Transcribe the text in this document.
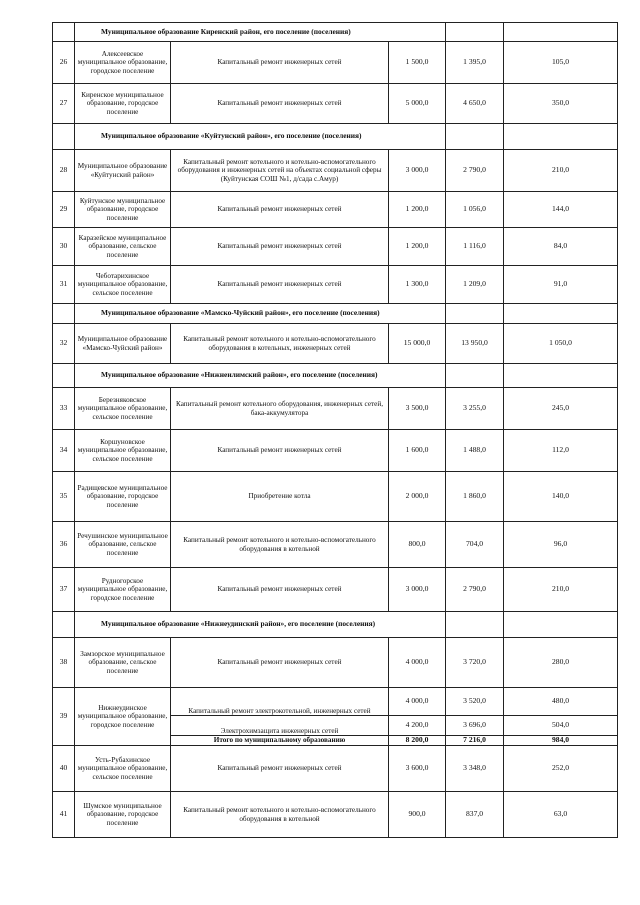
	Муниципальное образование Киренский район, его поселение (поселения)				
26	Алексеевское муниципальное образование, городское поселение	Капитальный ремонт инженерных сетей	1 500,0	1 395,0	105,0
27	Киренское муниципальное образование, городское поселение	Капитальный ремонт инженерных сетей	5 000,0	4 650,0	350,0
	Муниципальное образование «Куйтунский район», его поселение (поселения)				
28	Муниципальное образование «Куйтунский район»	Капитальный ремонт котельного и котельно-вспомогательного оборудования и инженерных сетей на объектах социальной сферы (Куйтунская СОШ №1, д/сада с.Амур)	3 000,0	2 790,0	210,0
29	Куйтунское муниципальное образование, городское поселение	Капитальный ремонт инженерных сетей	1 200,0	1 056,0	144,0
30	Каразейское муниципальное образование, сельское поселение	Капитальный ремонт инженерных сетей	1 200,0	1 116,0	84,0
31	Чеботарихинское муниципальное образование, сельское поселение	Капитальный ремонт инженерных сетей	1 300,0	1 209,0	91,0
	Муниципальное образование «Мамско-Чуйский район», его поселение (поселения)				
32	Муниципальное образование «Мамско-Чуйский район»	Капитальный ремонт котельного и котельно-вспомогательного оборудования в котельных, инженерных сетей	15 000,0	13 950,0	1 050,0
	Муниципальное образование «Нижнеилимский район», его поселение (поселения)				
33	Березняковское муниципальное образование, сельское поселение	Капитальный ремонт котельного оборудования, инженерных сетей, бака-аккумулятора	3 500,0	3 255,0	245,0
34	Коршуновское муниципальное образование, сельское поселение	Капитальный ремонт инженерных сетей	1 600,0	1 488,0	112,0
35	Радищевское муниципальное образование, городское поселение	Приобретение котла	2 000,0	1 860,0	140,0
36	Речушинское муниципальное образование, сельское поселение	Капитальный ремонт котельного и котельно-вспомогательного оборудования в котельной	800,0	704,0	96,0
37	Рудногорское муниципальное образование, городское поселение	Капитальный ремонт инженерных сетей	3 000,0	2 790,0	210,0
	Муниципальное образование «Нижнеудинский район», его поселение (поселения)				
38	Замзорское муниципальное образование, сельское поселение	Капитальный ремонт инженерных сетей	4 000,0	3 720,0	280,0
39	Нижнеудинское муниципальное образование, городское поселение	Капитальный ремонт электрокотельной, инженерных сетей	4 000,0	3 520,0	480,0
		Электрохимзащита инженерных сетей	4 200,0	3 696,0	504,0
		Итого по муниципальному образованию	8 200,0	7 216,0	984,0
40	Усть-Рубахинское муниципальное образование, сельское поселение	Капитальный ремонт инженерных сетей	3 600,0	3 348,0	252,0
41	Шумское муниципальное образование, городское поселение	Капитальный ремонт котельного и котельно-вспомогательного оборудования в котельной	900,0	837,0	63,0
